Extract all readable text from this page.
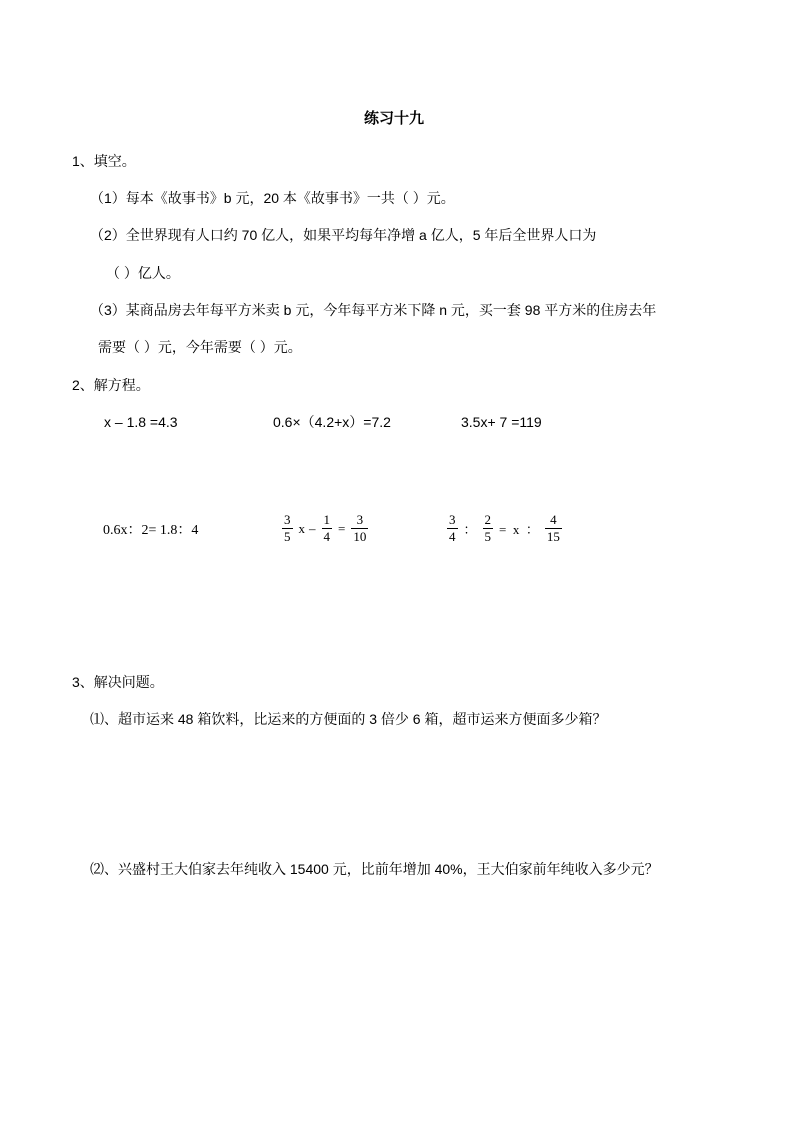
练习十九
1、填空。
（1）每本《故事书》b 元，20 本《故事书》一共（ ）元。
（2）全世界现有人口约 70 亿人，如果平均每年净增 a 亿人，5 年后全世界人口为
（ ）亿人。
（3）某商品房去年每平方米卖 b 元，今年每平方米下降 n 元，买一套 98 平方米的住房去年
需要（ ）元，今年需要（ ）元。
2、解方程。
x – 1.8 =4.3	0.6×（4.2+x）=7.2	3.5x+ 7 =119
0.6x：2= 1.8：4	$\frac{3}{5}$ $x - \frac{1}{4} = \frac{3}{10}$	$\frac{3}{4}$ ： $\frac{2}{5} = x$  ： $\frac{4}{15}$
3、解决问题。
⑴、超市运来 48 箱饮料，比运来的方便面的 3 倍少 6 箱，超市运来方便面多少箱？
⑵、兴盛村王大伯家去年纯收入 15400 元，比前年增加 40%，王大伯家前年纯收入多少元？
